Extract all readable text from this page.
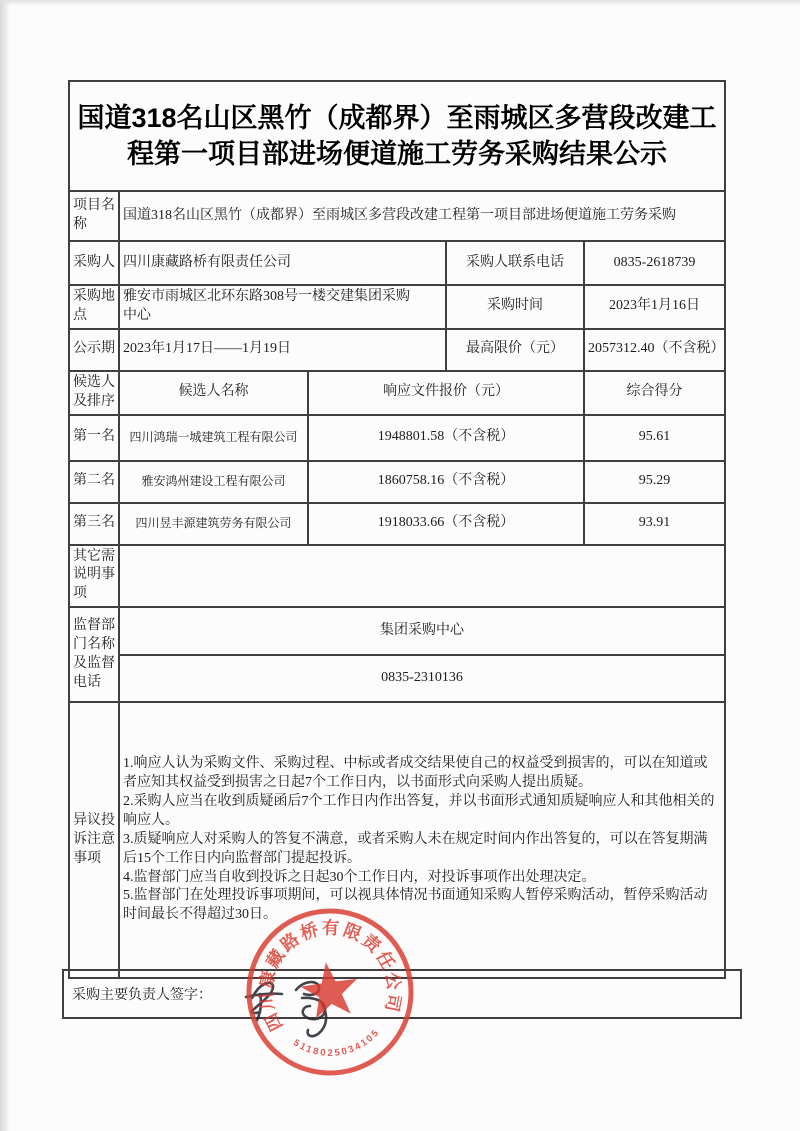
国道318名山区黑竹（成都界）至雨城区多营段改建工程第一项目部进场便道施工劳务采购结果公示				
项目名称	国道318名山区黑竹（成都界）至雨城区多营段改建工程第一项目部进场便道施工劳务采购			
采购人	四川康藏路桥有限责任公司		采购人联系电话	0835-2618739
采购地点	雅安市雨城区北环东路308号一楼交建集团采购中心		采购时间	2023年1月16日
公示期	2023年1月17日——1月19日		最高限价（元）	2057312.40（不含税）
候选人及排序	候选人名称	响应文件报价（元）		综合得分
第一名	四川鸿瑞一城建筑工程有限公司	1948801.58（不含税）		95.61
第二名	雅安鸿州建设工程有限公司	1860758.16（不含税）		95.29
第三名	四川昱丰源建筑劳务有限公司	1918033.66（不含税）		93.91
其它需说明事项				
监督部门名称及监督电话	集团采购中心			
	0835-2310136			
异议投诉注意事项	1.响应人认为采购文件、采购过程、中标或者成交结果使自己的权益受到损害的，可以在知道或者应知其权益受到损害之日起7个工作日内，以书面形式向采购人提出质疑。
2.采购人应当在收到质疑函后7个工作日内作出答复，并以书面形式通知质疑响应人和其他相关的响应人。
3.质疑响应人对采购人的答复不满意，或者采购人未在规定时间内作出答复的，可以在答复期满后15个工作日内向监督部门提起投诉。
4.监督部门应当自收到投诉之日起30个工作日内，对投诉事项作出处理决定。
5.监督部门在处理投诉事项期间，可以视具体情况书面通知采购人暂停采购活动，暂停采购活动时间最长不得超过30日。			
采购主要负责人签字：
四川康藏路桥有限责任公司
5118025034105
